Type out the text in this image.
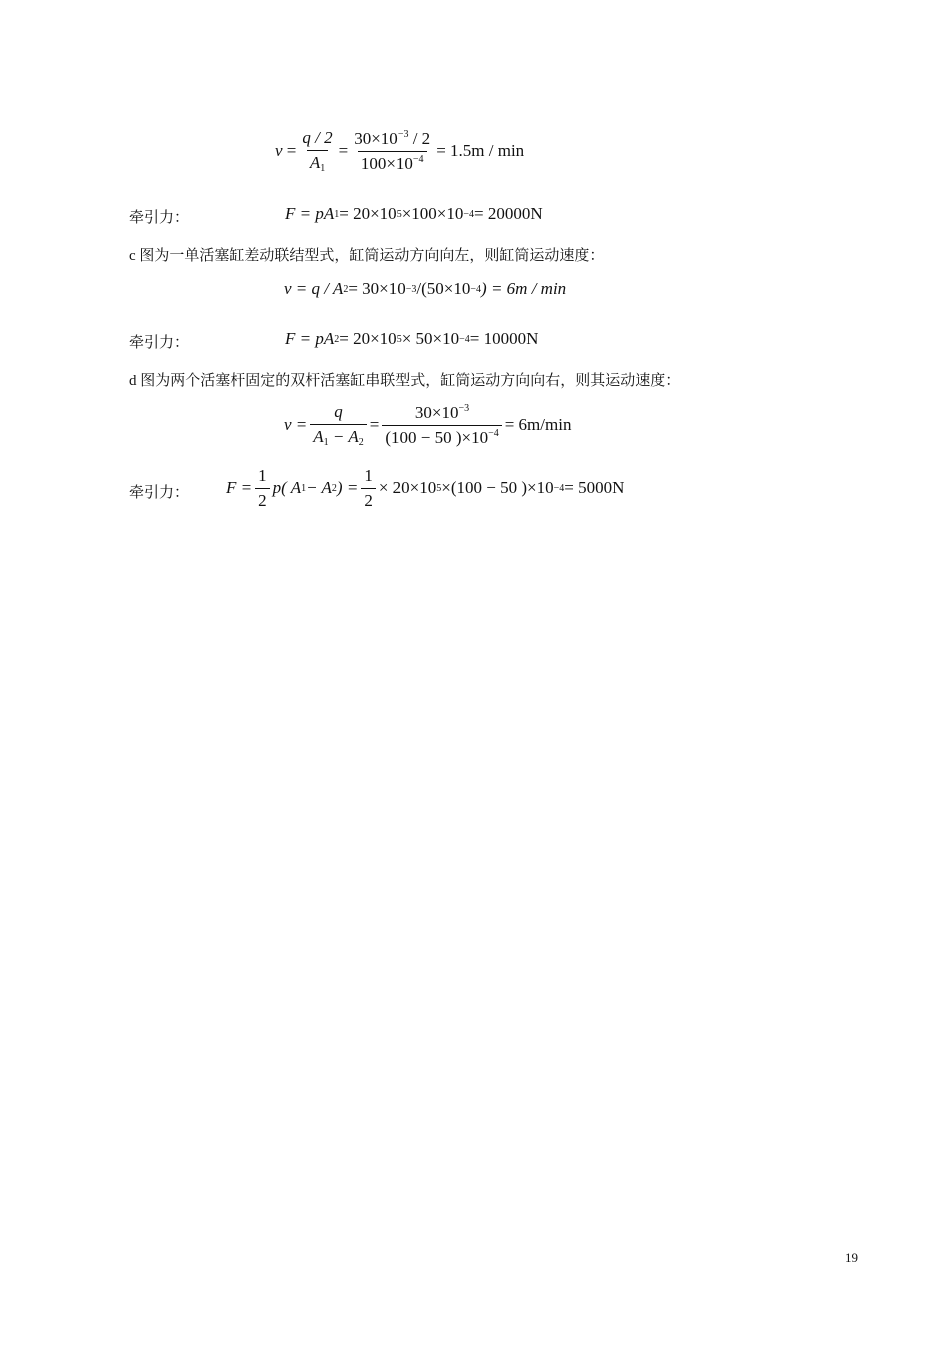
$v = \frac{q / 2}{A_1} = \frac{30\times 10^{-3} / 2}{100\times 10^{-4}} = 1.5m / \min$
牵引力：	F = pA 1 = 20×10 5 ×100×10 −4 = 20000N
c 图为一单活塞缸差动联结型式，缸筒运动方向向左，则缸筒运动速度：
v = q / A 2 = 30×10 −3 /(50×10 −4 ) = 6m / min
牵引力：	F = pA 2 = 20×10 5 × 50×10 −4 = 10000N
d 图为两个活塞杆固定的双杆活塞缸串联型式，缸筒运动方向向右，则其运动速度：
$v = \frac{q}{A_1 - A_2} = \frac{30\times 10^{-3}}{(100 - 50 )\times 10^{-4}} = 6m/\min$
牵引力： $F = \frac{1}{2} p$( A 1 − A 2 ) = $\frac{1}{2} \times 20\times 10$ 5 ×(100 − 50 )×10 −4 = 5000N
19
